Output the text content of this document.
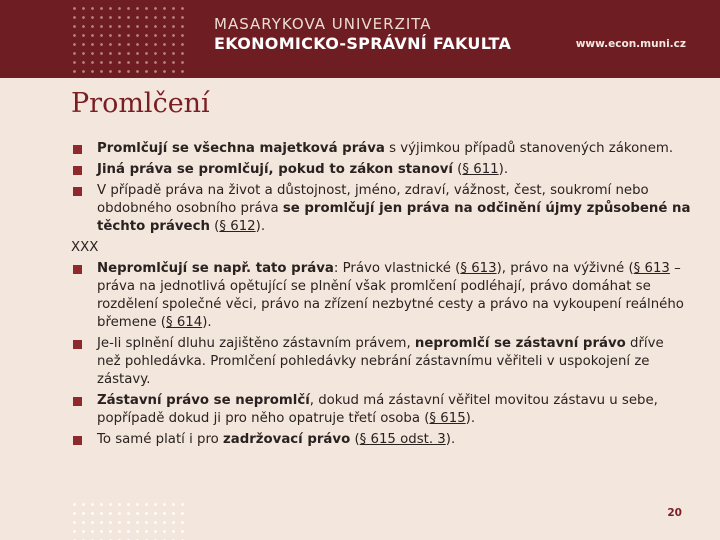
MASARYKOVA UNIVERZITA
EKONOMICKO-SPRÁVNÍ FAKULTA	www.econ.muni.cz
Promlčení
Promlčují se všechna majetková práva s výjimkou případů stanovených zákonem.
Jiná práva se promlčují, pokud to zákon stanoví (§ 611).
V případě práva na život a důstojnost, jméno, zdraví, vážnost, čest, soukromí nebo obdobného osobního práva se promlčují jen práva na odčinění újmy způsobené na těchto právech (§ 612).
XXX
Nepromlčují se např. tato práva: Právo vlastnické (§ 613), právo na výživné (§ 613 – práva na jednotlivá opětující se plnění však promlčení podléhají, právo domáhat se rozdělení společné věci, právo na zřízení nezbytné cesty a právo na vykoupení reálného břemene (§ 614).
Je-li splnění dluhu zajištěno zástavním právem, nepromlčí se zástavní právo dříve než pohledávka. Promlčení pohledávky nebrání zástavnímu věřiteli v uspokojení ze zástavy.
Zástavní právo se nepromlčí, dokud má zástavní věřitel movitou zástavu u sebe, popřípadě dokud ji pro něho opatruje třetí osoba (§ 615).
To samé platí i pro zadržovací právo (§ 615 odst. 3).
20
